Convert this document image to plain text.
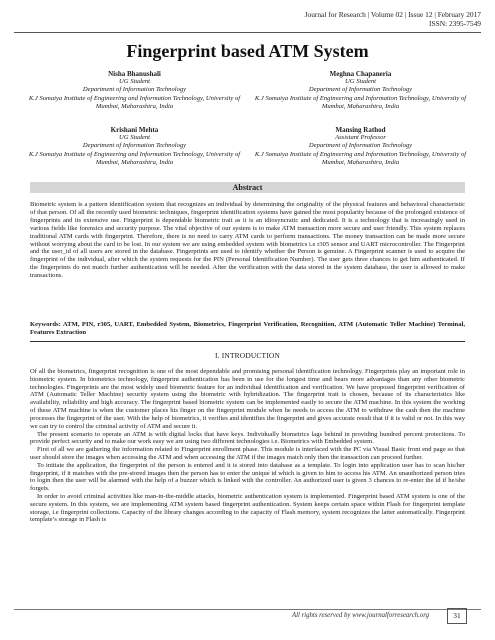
Journal for Research | Volume 02 | Issue 12 | February 2017
ISSN: 2395-7549
Fingerprint based ATM System
Nisha Bhanushali
UG Student
Department of Information Technology
K.J Somaiya Institute of Engineering and Information Technology, University of Mumbai, Maharashtra, India
Meghna Chapaneria
UG Student
Department of Information Technology
K.J Somaiya Institute of Engineering and Information Technology, University of Mumbai, Maharashtra, India
Krishani Mehta
UG Student
Department of Information Technology
K.J Somaiya Institute of Engineering and Information Technology, University of Mumbai, Maharashtra, India
Mansing Rathod
Assistant Professor
Department of Information Technology
K.J Somaiya Institute of Engineering and Information Technology, University of Mumbai, Maharashtra, India
Abstract
Biometric system is a pattern identification system that recognizes an individual by determining the originality of the physical features and behavioral characteristic of that person. Of all the recently used biometric techniques, fingerprint identification systems have gained the most popularity because of the prolonged existence of fingerprints and its extensive use. Fingerprint is dependable biometric trait as it is an idiosyncratic and dedicated. It is a technology that is increasingly used in various fields like forensics and security purpose. The vital objective of our system is to make ATM transaction more secure and user friendly. This system replaces traditional ATM cards with fingerprint. Therefore, there is no need to carry ATM cards to perform transactions. The money transaction can be made more secure without worrying about the card to be lost. In our system we are using embedded system with biometrics i.e r305 sensor and UART microcontroller. The Fingerprint and the user_id of all users are stored in the database. Fingerprints are used to identify whether the Person is genuine. A Fingerprint scanner is used to acquire the fingerprint of the individual, after which the system requests for the PIN (Personal Identification Number). The user gets three chances to get him authenticated. If the fingerprints do not match further authentication will be needed. After the verification with the data stored in the system database, the user is allowed to make transactions.
Keywords: ATM, PIN, r305, UART, Embedded System, Biometrics, Fingerprint Verification, Recognition, ATM (Automatic Teller Machine) Terminal, Features Extraction
I. INTRODUCTION

Of all the biometrics, fingerprint recognition is one of the most dependable and promising personal identification technology. Fingerprints play an important role in biometric system. In biometrics technology, fingerprint authentication has been in use for the longest time and bears more advantages than any other biometric technologies. Fingerprints are the most widely used biometric feature for an individual identification and verification. We have proposed fingerprint verification of ATM (Automatic Teller Machine) security system using the biometric with hybridization. The fingerprint trait is chosen, because of its characteristics like availability, reliability and high accuracy. The fingerprint based biometric system can be implemented easily to secure the ATM machine. In this system the working of these ATM machine is when the customer places his finger on the fingerprint module when he needs to access the ATM to withdraw the cash then the machine processes the fingerprint of the user. With the help of biometrics, it verifies and identifies the fingerprint and gives accurate result that if it is valid or not. In this way we can try to control the criminal activity of ATM and secure it.

The present scenario to operate an ATM is with digital locks that have keys. Individually biometrics lags behind in providing hundred percent protections. To provide perfect security and to make our work easy we are using two different technologies i.e. Biometrics with Embedded system.

First of all we are gathering the information related to Fingerprint enrollment phase. This module is interfaced with the PC via Visual Basic front end page so that user should store the images when accessing the ATM and when accessing the ATM if the images match only then the transaction can proceed further.

To initiate the application, the fingerprint of the person is entered and it is stored into database as a template. To login into application user has to scan his/her fingerprint, if it matches with the pre-stored images then the person has to enter the unique id which is given to him to access his ATM. An unauthorized person tries to login then the user will be alarmed with the help of a buzzer which is linked with the controller. An authorized user is given 3 chances to re-enter the id if he/she forgets.

In order to avoid criminal activities like man-in-the-middle attacks, biometric authentication system is implemented. Fingerprint based ATM system is one of the secure system. In this system, we are implementing ATM system based fingerprint authentication. System keeps certain space within Flash for fingerprint template storage, i.e fingerprint collections. Capacity of the library changes according to the capacity of Flash memory, system recognizes the latter automatically. Fingerprint template’s storage in Flash is

All rights reserved by www.journalforresearch.org	31
